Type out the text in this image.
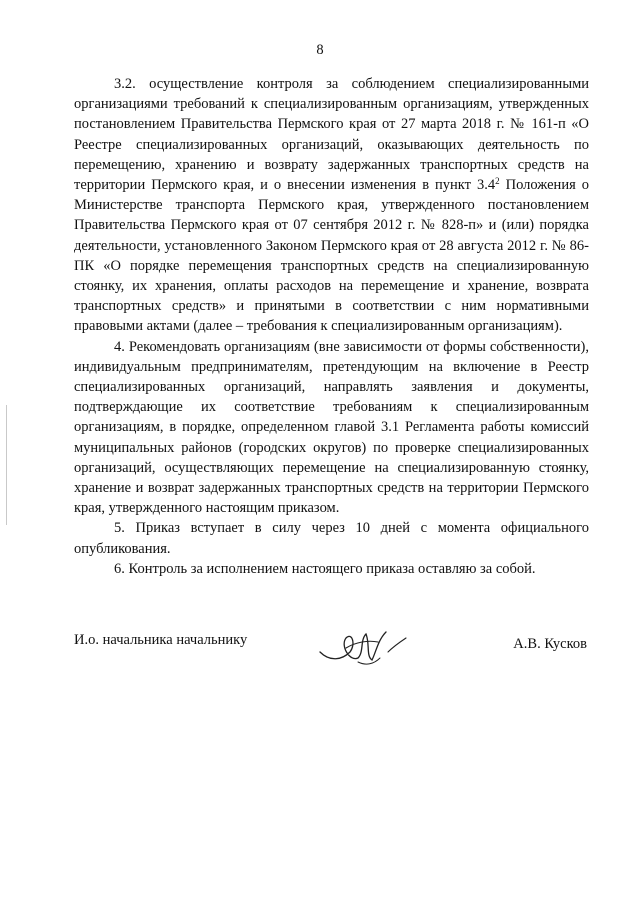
8

3.2. осуществление контроля за соблюдением специализированными организациями требований к специализированным организациям, утвержденных постановлением Правительства Пермского края от 27 марта 2018 г. № 161-п «О Реестре специализированных организаций, оказывающих деятельность по перемещению, хранению и возврату задержанных транспортных средств на территории Пермского края, и о внесении изменения в пункт 3.4$^2$ Положения о Министерстве транспорта Пермского края, утвержденного постановлением Правительства Пермского края от 07 сентября 2012 г. № 828-п» и (или) порядка деятельности, установленного Законом Пермского края от 28 августа 2012 г. № 86-ПК «О порядке перемещения транспортных средств на специализированную стоянку, их хранения, оплаты расходов на перемещение и хранение, возврата транспортных средств» и принятыми в соответствии с ним нормативными правовыми актами (далее – требования к специализированным организациям).

4. Рекомендовать организациям (вне зависимости от формы собственности), индивидуальным предпринимателям, претендующим на включение в Реестр специализированных организаций, направлять заявления и документы, подтверждающие их соответствие требованиям к специализированным организациям, в порядке, определенном главой 3.1 Регламента работы комиссий муниципальных районов (городских округов) по проверке специализированных организаций, осуществляющих перемещение на специализированную стоянку, хранение и возврат задержанных транспортных средств на территории Пермского края, утвержденного настоящим приказом.

5. Приказ вступает в силу через 10 дней с момента официального опубликования.

6. Контроль за исполнением настоящего приказа оставляю за собой.

И.о. начальника начальнику	А.В. Кусков
